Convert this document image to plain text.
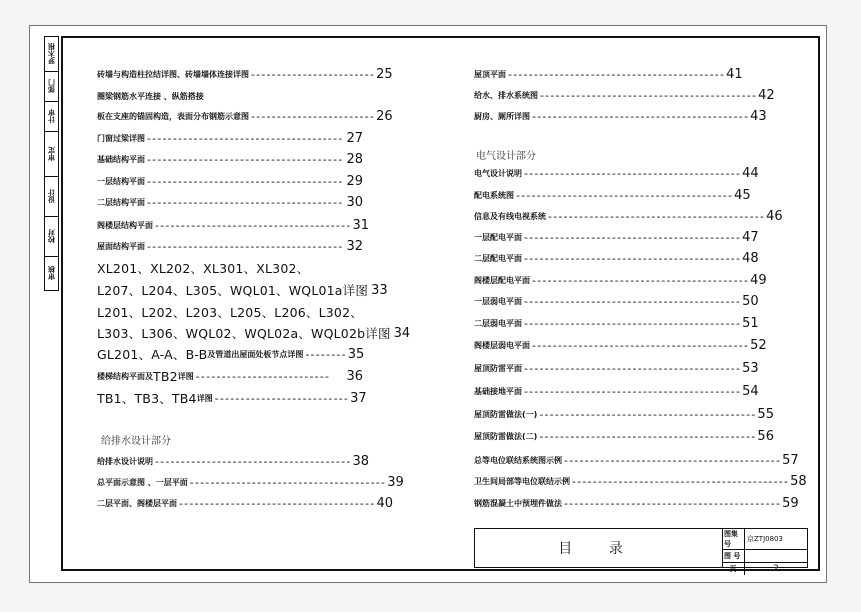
罗木根
部门
计审
审定
设计
校对
审核
砖墙与构造柱拉结详图、砖墙墙体连接详图 ------------------------ 25
圈梁钢筋水平连接 、纵筋搭接
板在支座的锚固构造，表面分布钢筋示意图 ------------------------ 26
门窗过梁详图 -------------------------------------- 27
基础结构平面 -------------------------------------- 28
一层结构平面 -------------------------------------- 29
二层结构平面 -------------------------------------- 30
阁楼层结构平面 -------------------------------------- 31
屋面结构平面 -------------------------------------- 32
XL201、XL202、XL301、XL302、
L207、L204、L305、WQL01、WQL01a详图 33
L201、L202、L203、L205、L206、L302、
L303、L306、WQL02、WQL02a、WQL02b详图 34
GL201、A-A、B-B 及管道出屋面处板节点详图 -------- 35
楼梯结构平面及 TB2 详图 --------------------------	36
TB1、TB3、TB4 详图 -------------------------- 37
给排水设计部分
给排水设计说明 -------------------------------------- 38
总平面示意图 、一层平面 -------------------------------------- 39
二层平面、阁楼层平面 -------------------------------------- 40
屋顶平面 ------------------------------------------ 41
给水、排水系统图 ------------------------------------------ 42
厨房、厕所详图 ------------------------------------------ 43
电气设计部分
电气设计说明 ------------------------------------------ 44
配电系统图 ------------------------------------------ 45
信息及有线电视系统 ------------------------------------------ 46
一层配电平面 ------------------------------------------ 47
二层配电平面 ------------------------------------------ 48
阁楼层配电平面 ------------------------------------------ 49
一层弱电平面 ------------------------------------------ 50
二层弱电平面 ------------------------------------------ 51
阁楼层弱电平面 ------------------------------------------ 52
屋顶防雷平面 ------------------------------------------ 53
基础接地平面 ------------------------------------------ 54
屋顶防雷做法(一) ------------------------------------------ 55
屋顶防雷做法(二) ------------------------------------------ 56
总等电位联结系统图示例 ------------------------------------------ 57
卫生间局部等电位联结示例 ------------------------------------------ 58
钢筋混凝土中预埋件做法 ------------------------------------------ 59
目 录
图集号	京ZTJ0803
图 号	
页	2
